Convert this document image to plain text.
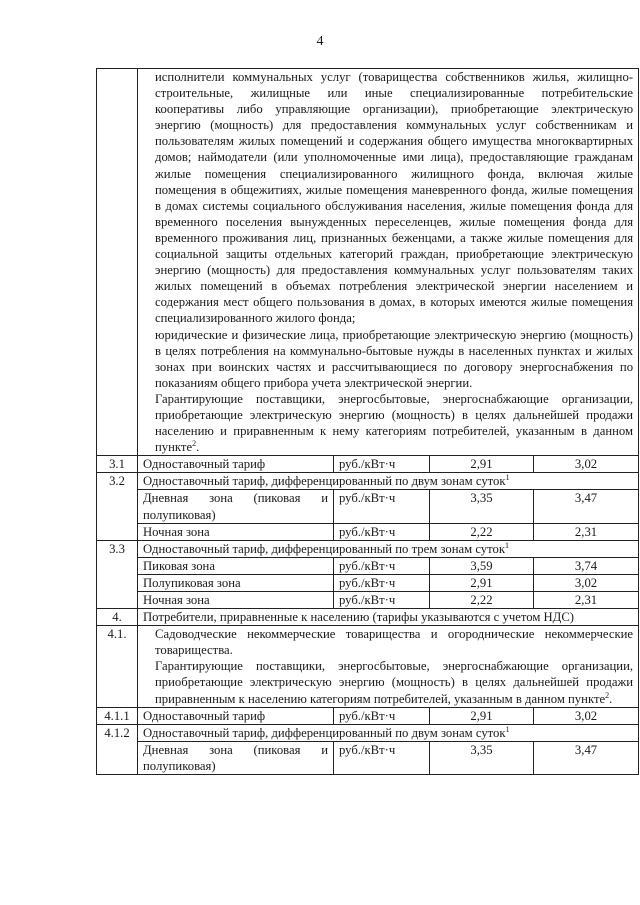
4

	исполнители коммунальных услуг (товарищества собственников жилья, жилищно-строительные, жилищные или иные специализированные потребительские кооперативы либо управляющие организации), приобретающие электрическую энергию (мощность) для предоставления коммунальных услуг собственникам и пользователям жилых помещений и содержания общего имущества многоквартирных домов; наймодатели (или уполномоченные ими лица), предоставляющие гражданам жилые помещения специализированного жилищного фонда, включая жилые помещения в общежитиях, жилые помещения маневренного фонда, жилые помещения в домах системы социального обслуживания населения, жилые помещения фонда для временного поселения вынужденных переселенцев, жилые помещения фонда для временного проживания лиц, признанных беженцами, а также жилые помещения для социальной защиты отдельных категорий граждан, приобретающие электрическую энергию (мощность) для предоставления коммунальных услуг пользователям таких жилых помещений в объемах потребления электрической энергии населением и содержания мест общего пользования в домах, в которых имеются жилые помещения специализированного жилого фонда;

юридические и физические лица, приобретающие электрическую энергию (мощность) в целях потребления на коммунально-бытовые нужды в населенных пунктах и жилых зонах при воинских частях и рассчитывающиеся по договору энергоснабжения по показаниям общего прибора учета электрической энергии.

Гарантирующие поставщики, энергосбытовые, энергоснабжающие организации, приобретающие электрическую энергию (мощность) в целях дальнейшей продажи населению и приравненным к нему категориям потребителей, указанным в данном пункте$^2$.			

3.1	Одноставочный тариф	руб./кВт·ч	2,91	3,02
3.2	Одноставочный тариф, дифференцированный по двум зонам суток$^1$
	Дневная зона (пиковая и полупиковая)	руб./кВт·ч	3,35	3,47
	Ночная зона	руб./кВт·ч	2,22	2,31
3.3	Одноставочный тариф, дифференцированный по трем зонам суток$^1$
	Пиковая зона	руб./кВт·ч	3,59	3,74
	Полупиковая зона	руб./кВт·ч	2,91	3,02
	Ночная зона	руб./кВт·ч	2,22	2,31
4.	Потребители, приравненные к населению (тарифы указываются с учетом НДС)			
4.1.	Садоводческие некоммерческие товарищества и огороднические некоммерческие товарищества.

Гарантирующие поставщики, энергосбытовые, энергоснабжающие организации, приобретающие электрическую энергию (мощность) в целях дальнейшей продажи приравненным к населению категориям потребителей, указанным в данном пункте$^2$.			

4.1.1	Одноставочный тариф	руб./кВт·ч	2,91	3,02
4.1.2	Одноставочный тариф, дифференцированный по двум зонам суток$^1$
	Дневная зона (пиковая и полупиковая)	руб./кВт·ч	3,35	3,47
